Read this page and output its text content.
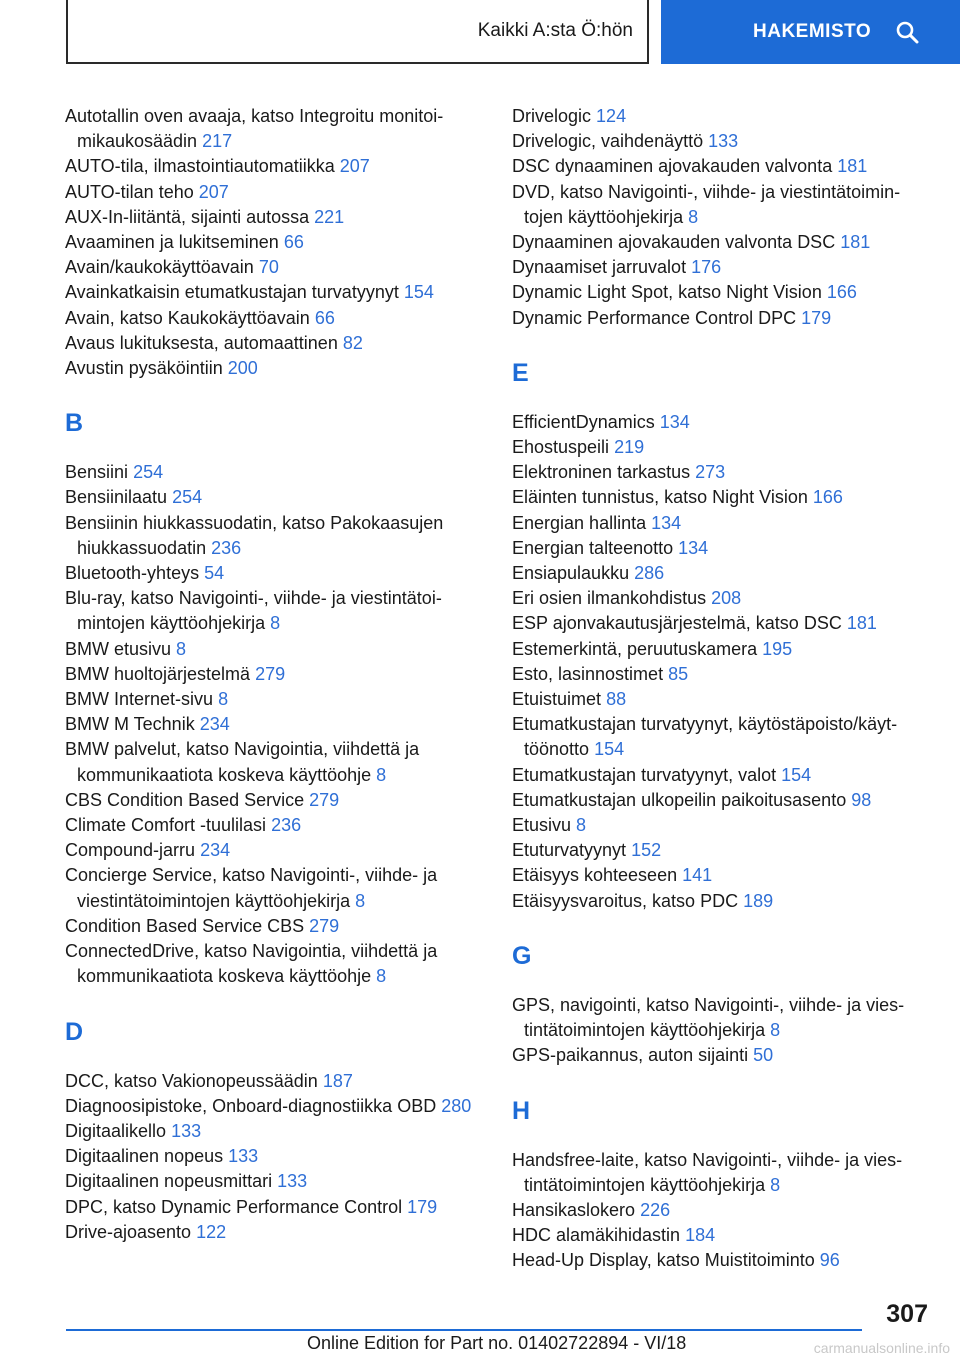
Kaikki A:sta Ö:hön	HAKEMISTO
Autotallin oven avaaja, katso Integroitu monitoi‐mikaukosäädin 217
AUTO-tila, ilmastointiautomatiikka 207
AUTO-tilan teho 207
AUX-In-liitäntä, sijainti autossa 221
Avaaminen ja lukitseminen 66
Avain/kaukokäyttöavain 70
Avainkatkaisin etumatkustajan turvatyynyt 154
Avain, katso Kaukokäyttöavain 66
Avaus lukituksesta, automaattinen 82
Avustin pysäköintiin 200
B
Bensiini 254
Bensiinilaatu 254
Bensiinin hiukkassuodatin, katso Pakokaasujen hiukkassuodatin 236
Bluetooth-yhteys 54
Blu-ray, katso Navigointi-, viihde- ja viestintätoi‐mintojen käyttöohjekirja 8
BMW etusivu 8
BMW huoltojärjestelmä 279
BMW Internet-sivu 8
BMW M Technik 234
BMW palvelut, katso Navigointia, viihdettä ja kommunikaatiota koskeva käyttöohje 8
CBS Condition Based Service 279
Climate Comfort -tuulilasi 236
Compound-jarru 234
Concierge Service, katso Navigointi-, viihde- ja viestintätoimintojen käyttöohjekirja 8
Condition Based Service CBS 279
ConnectedDrive, katso Navigointia, viihdettä ja kommunikaatiota koskeva käyttöohje 8
D
DCC, katso Vakionopeussäädin 187
Diagnoosipistoke, Onboard-diagnostiikka OBD 280
Digitaalikello 133
Digitaalinen nopeus 133
Digitaalinen nopeusmittari 133
DPC, katso Dynamic Performance Control 179
Drive-ajoasento 122
Drivelogic 124
Drivelogic, vaihdenäyttö 133
DSC dynaaminen ajovakauden valvonta 181
DVD, katso Navigointi-, viihde- ja viestintätoimin‐tojen käyttöohjekirja 8
Dynaaminen ajovakauden valvonta DSC 181
Dynaamiset jarruvalot 176
Dynamic Light Spot, katso Night Vision 166
Dynamic Performance Control DPC 179
E
EfficientDynamics 134
Ehostuspeili 219
Elektroninen tarkastus 273
Eläinten tunnistus, katso Night Vision 166
Energian hallinta 134
Energian talteenotto 134
Ensiapulaukku 286
Eri osien ilmankohdistus 208
ESP ajonvakautusjärjestelmä, katso DSC 181
Estemerkintä, peruutuskamera 195
Esto, lasinnostimet 85
Etuistuimet 88
Etumatkustajan turvatyynyt, käytöstäpoisto/käyt‐töönotto 154
Etumatkustajan turvatyynyt, valot 154
Etumatkustajan ulkopeilin paikoitusasento 98
Etusivu 8
Etuturvatyynyt 152
Etäisyys kohteeseen 141
Etäisyysvaroitus, katso PDC 189
G
GPS, navigointi, katso Navigointi-, viihde- ja vies‐tintätoimintojen käyttöohjekirja 8
GPS-paikannus, auton sijainti 50
H
Handsfree-laite, katso Navigointi-, viihde- ja vies‐tintätoimintojen käyttöohjekirja 8
Hansikaslokero 226
HDC alamäkihidastin 184
Head-Up Display, katso Muistitoiminto 96
307
Online Edition for Part no. 01402722894 - VI/18	carmanualsonline.info
